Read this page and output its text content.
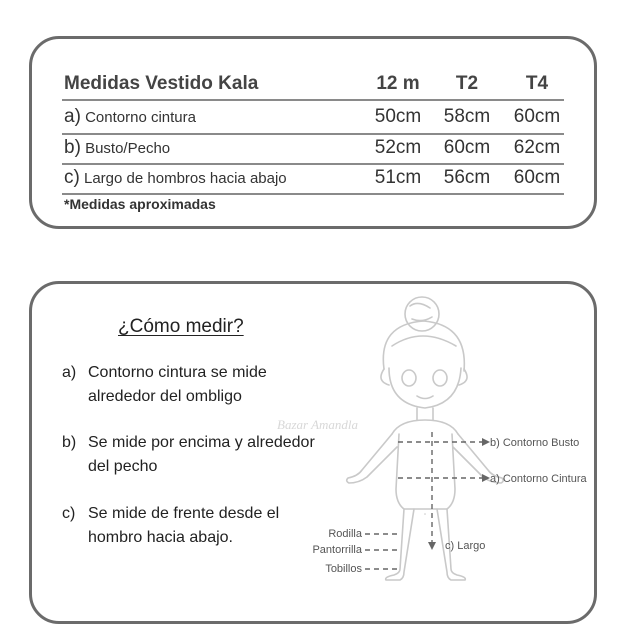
Medidas Vestido Kala	12 m	T2	T4
a) Contorno cintura	50cm	58cm	60cm
b) Busto/Pecho	52cm	60cm	62cm
c) Largo de hombros hacia abajo	51cm	56cm	60cm
*Medidas aproximadas
¿Cómo medir?
a) Contorno cintura se mide alrededor del ombligo
b) Se mide por encima y alrededor del pecho
c) Se mide de frente desde el hombro hacia abajo.
b) Contorno Busto
a) Contorno Cintura
c) Largo
Rodilla
Pantorrilla
Tobillos
Bazar Amandla
